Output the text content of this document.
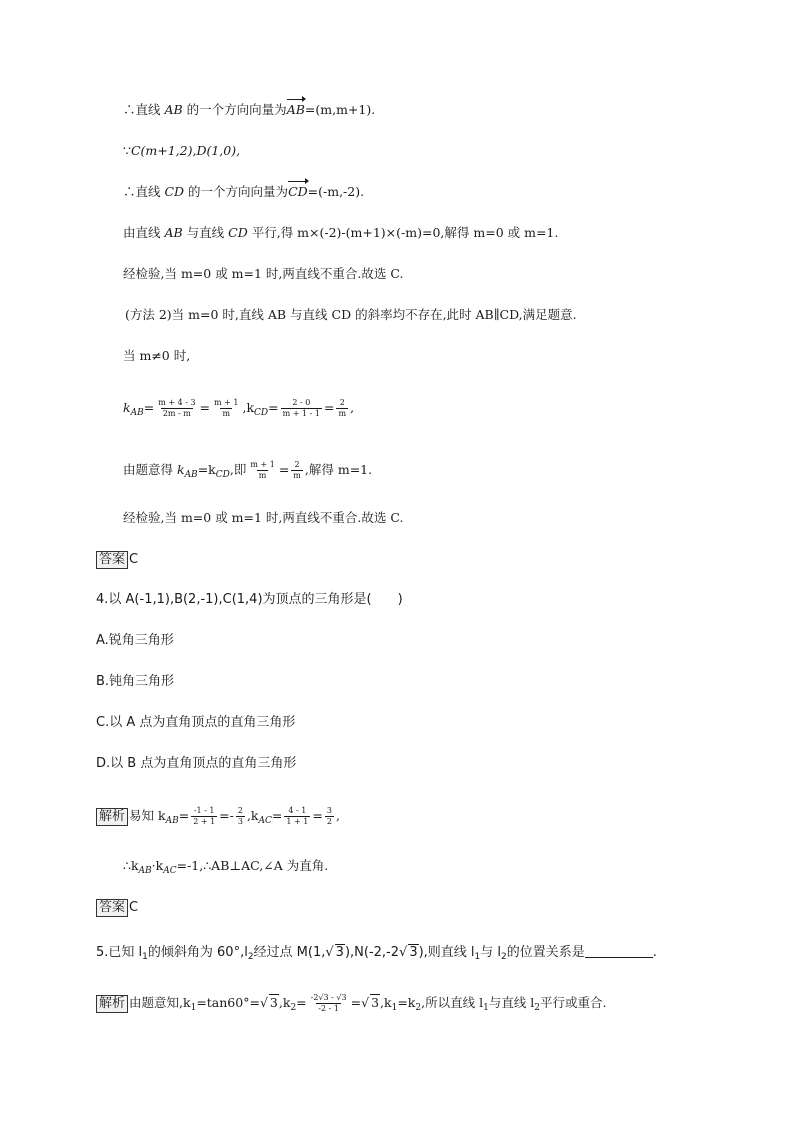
∴直线 AB 的一个方向向量为AB=(m,m+1).
∵C(m+1,2),D(1,0),
∴直线 CD 的一个方向向量为CD=(-m,-2).
由直线 AB 与直线 CD 平行,得 m×(-2)-(m+1)×(-m)=0,解得 m=0 或 m=1.
经检验,当 m=0 或 m=1 时,两直线不重合.故选 C.
(方法 2)当 m=0 时,直线 AB 与直线 CD 的斜率均不存在,此时 AB∥CD,满足题意.
当 m≠0 时,
$k_{AB}= \frac{m + 4 - 3}{2m - m} = \frac{m + 1}{m} ,k_{CD}= \frac{2 - 0}{m + 1 - 1} = \frac{2}{m}$ ,
由题意得 $k_{AB}=k_{CD}$,即 $\frac{m + 1}{m} = \frac{2}{m}$ ,解得 m=1.
经检验,当 m=0 或 m=1 时,两直线不重合.故选 C.
答案 C
4.以 A(-1,1),B(2,-1),C(1,4)为顶点的三角形是(　　)
A.锐角三角形
B.钝角三角形
C.以 A 点为直角顶点的直角三角形
D.以 B 点为直角顶点的直角三角形
解析 易知 $k_{AB}= \frac{-1 - 1}{2 + 1} =- \frac{2}{3} ,k_{AC}= \frac{4 - 1}{1 + 1} = \frac{3}{2}$ ,
$\therefore k_{AB}\cdot k_{AC}=-1,\therefore AB\perp AC,\angle A$ 为直角.
答案 C
5.已知 $l_1$的倾斜角为 $60^\circ,l_2$经过点 M(1,√ 3),N(-2,-2√ 3),则直线 $l_1$与 $l_2$的位置关系是	.
解析 由题意知$,k_1=\tan 60^\circ=√$ $3,k_2= \frac{-2√3 - √3}{-2 - 1}$ =√ $3,k_1=k_2$,所以直线 $l_1$与直线 $l_2$平行或重合.
